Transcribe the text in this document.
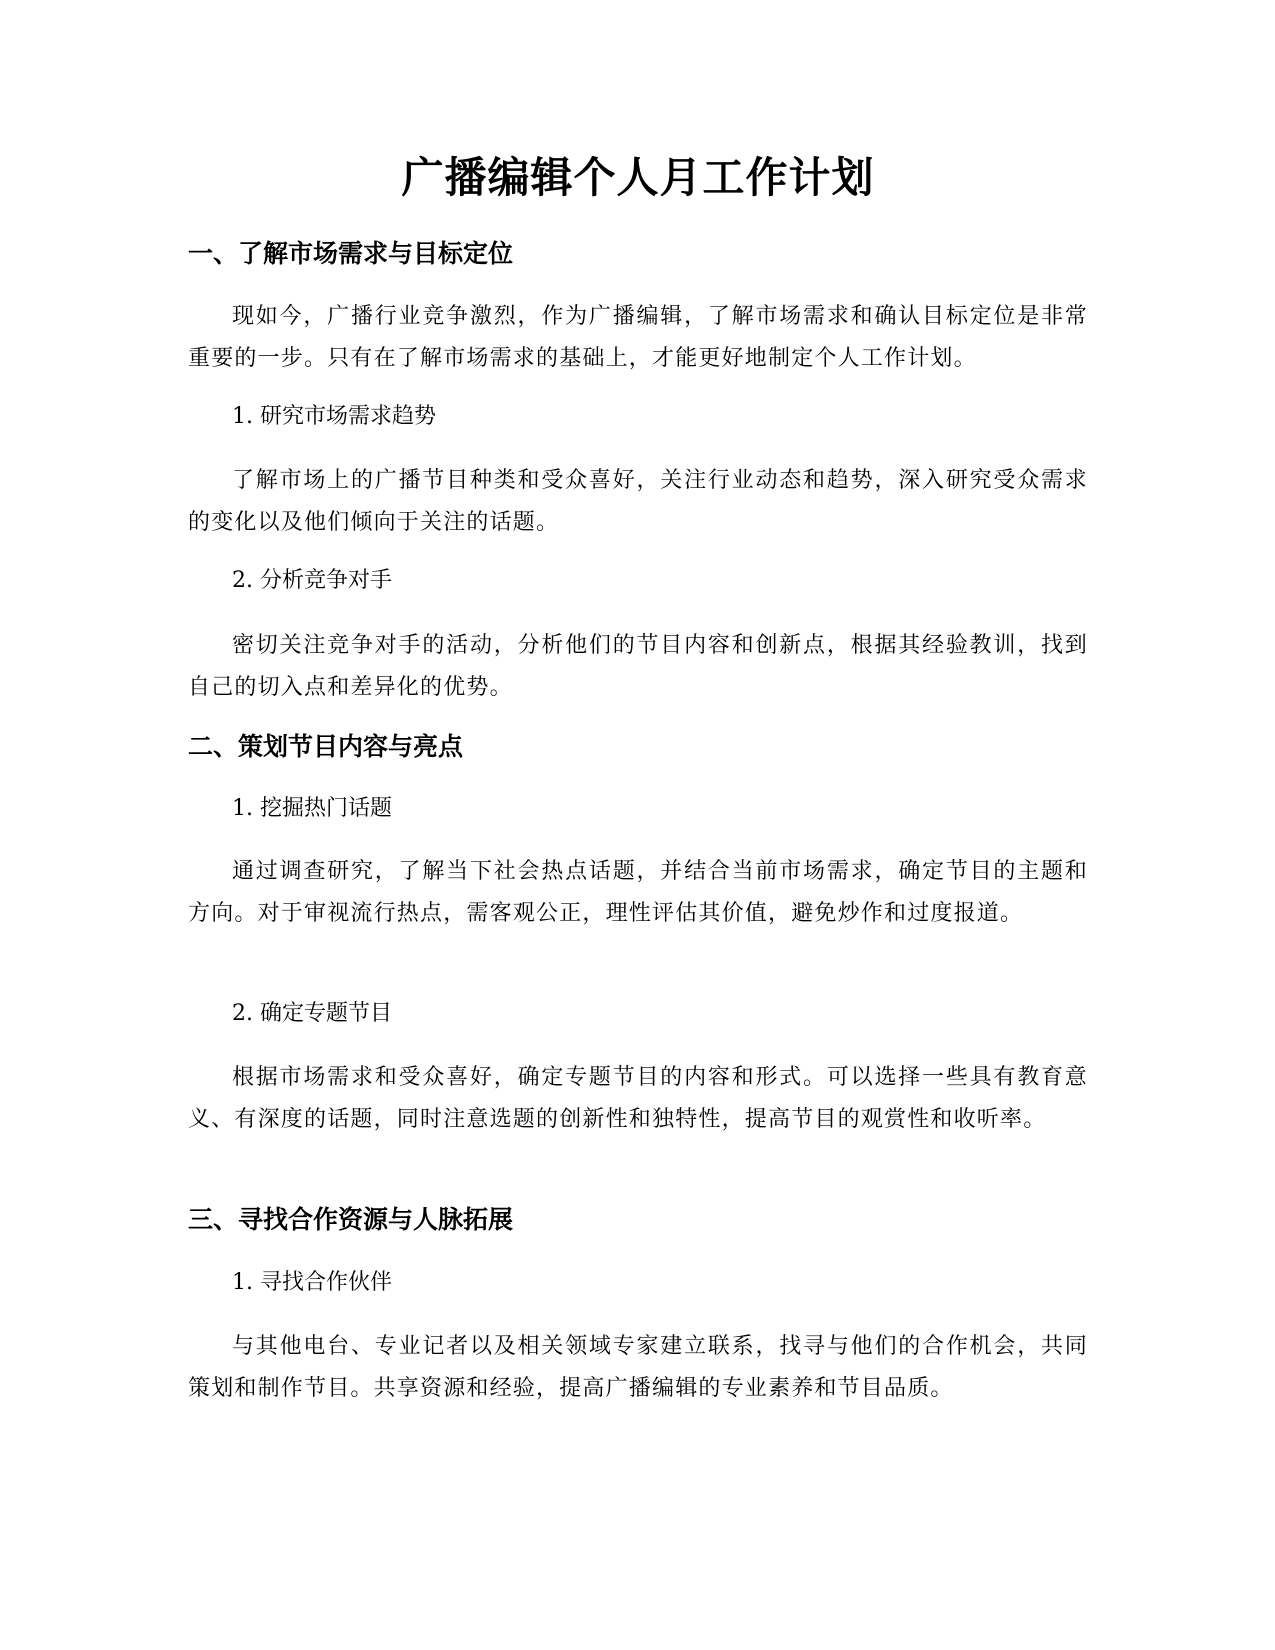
广播编辑个人月工作计划
一、了解市场需求与目标定位

现如今，广播行业竞争激烈，作为广播编辑，了解市场需求和确认目标定位是非常重要的一步。只有在了解市场需求的基础上，才能更好地制定个人工作计划。

1. 研究市场需求趋势

了解市场上的广播节目种类和受众喜好，关注行业动态和趋势，深入研究受众需求的变化以及他们倾向于关注的话题。

2. 分析竞争对手

密切关注竞争对手的活动，分析他们的节目内容和创新点，根据其经验教训，找到自己的切入点和差异化的优势。

二、策划节目内容与亮点

1. 挖掘热门话题

通过调查研究，了解当下社会热点话题，并结合当前市场需求，确定节目的主题和方向。对于审视流行热点，需客观公正，理性评估其价值，避免炒作和过度报道。

2. 确定专题节目

根据市场需求和受众喜好，确定专题节目的内容和形式。可以选择一些具有教育意义、有深度的话题，同时注意选题的创新性和独特性，提高节目的观赏性和收听率。

三、寻找合作资源与人脉拓展

1. 寻找合作伙伴

与其他电台、专业记者以及相关领域专家建立联系，找寻与他们的合作机会，共同策划和制作节目。共享资源和经验，提高广播编辑的专业素养和节目品质。
